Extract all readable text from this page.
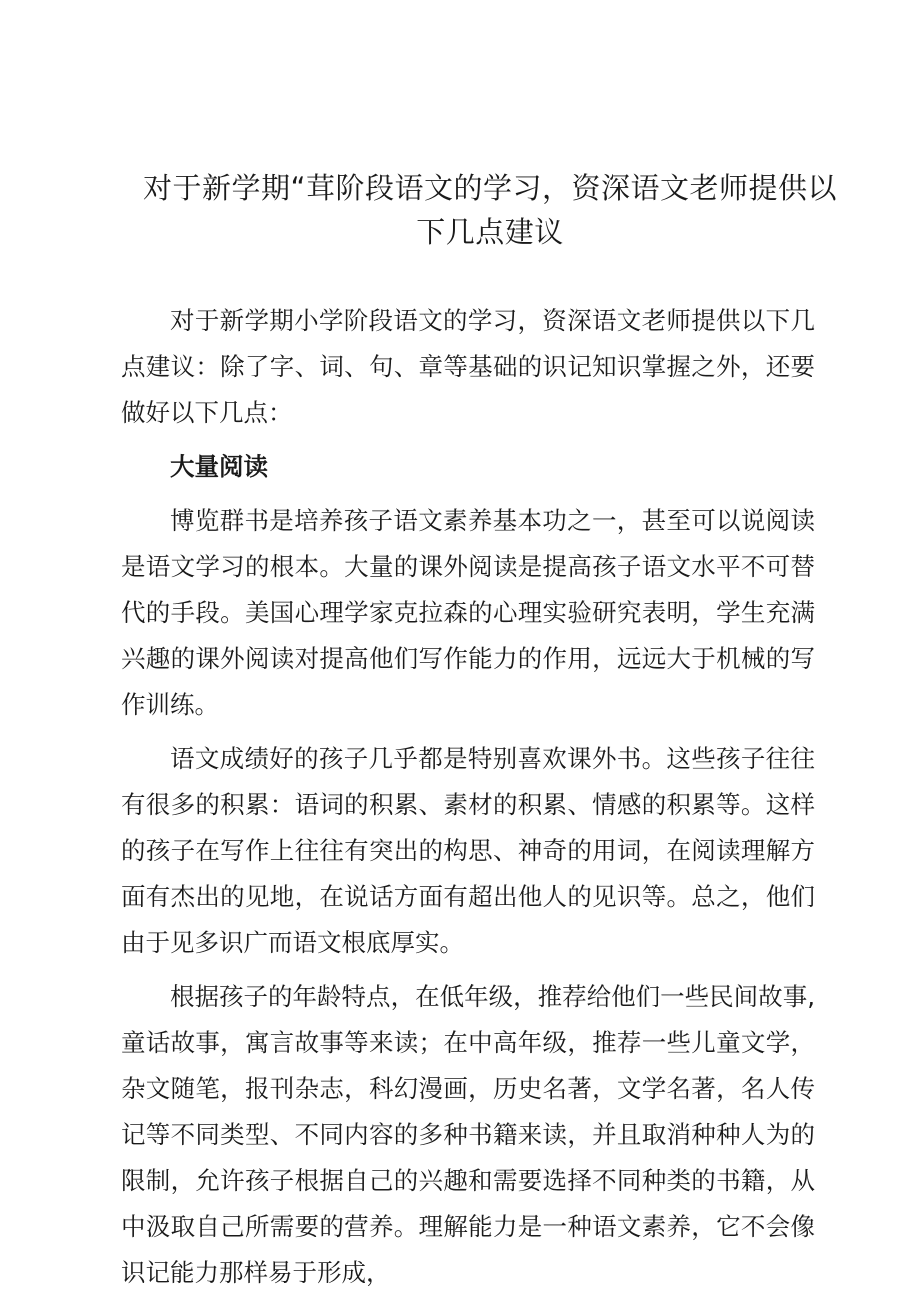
对于新学期“茸阶段语文的学习，资深语文老师提供以
下几点建议

对于新学期小学阶段语文的学习，资深语文老师提供以下几点建议：除了字、词、句、章等基础的识记知识掌握之外，还要做好以下几点：

大量阅读

博览群书是培养孩子语文素养基本功之一，甚至可以说阅读是语文学习的根本。大量的课外阅读是提高孩子语文水平不可替代的手段。美国心理学家克拉森的心理实验研究表明，学生充满兴趣的课外阅读对提高他们写作能力的作用，远远大于机械的写作训练。

语文成绩好的孩子几乎都是特别喜欢课外书。这些孩子往往有很多的积累：语词的积累、素材的积累、情感的积累等。这样的孩子在写作上往往有突出的构思、神奇的用词，在阅读理解方面有杰出的见地，在说话方面有超出他人的见识等。总之，他们由于见多识广而语文根底厚实。

根据孩子的年龄特点，在低年级，推荐给他们一些民间故事,童话故事，寓言故事等来读；在中高年级，推荐一些儿童文学，杂文随笔，报刊杂志，科幻漫画，历史名著，文学名著，名人传记等不同类型、不同内容的多种书籍来读，并且取消种种人为的限制，允许孩子根据自己的兴趣和需要选择不同种类的书籍，从中汲取自己所需要的营养。理解能力是一种语文素养，它不会像识记能力那样易于形成，
